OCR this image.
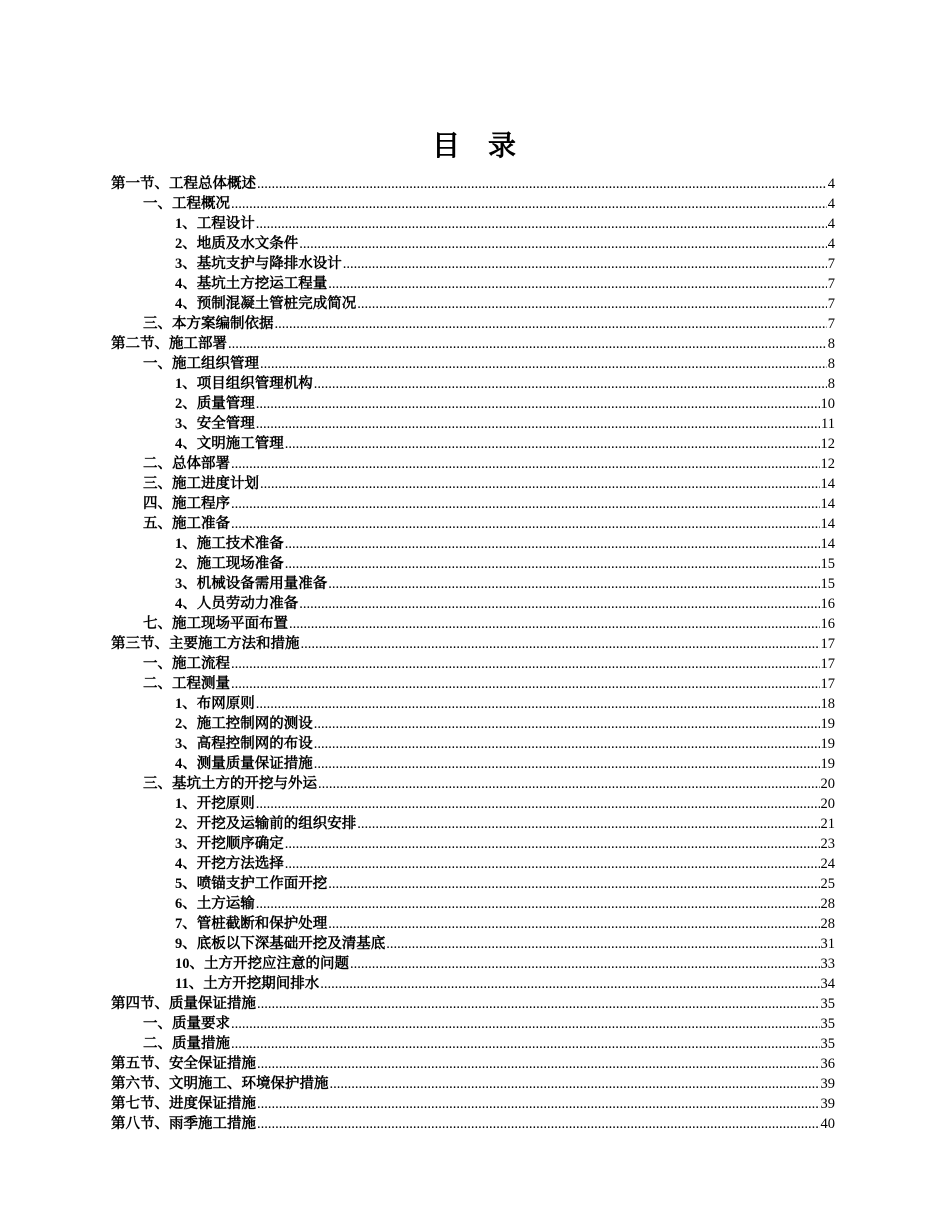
目 录
第一节、工程总体概述 .....	4
一、工程概况 .....	4
1、工程设计 .....	4
2、地质及水文条件 .....	4
3、基坑支护与降排水设计 .....	7
4、基坑土方挖运工程量 .....	7
4、预制混凝土管桩完成简况 .....	7
三、本方案编制依据 .....	7
第二节、施工部署 .....	8
一、施工组织管理 .....	8
1、项目组织管理机构 .....	8
2、质量管理 .....	10
3、安全管理 .....	11
4、文明施工管理 .....	12
二、总体部署 .....	12
三、施工进度计划 .....	14
四、施工程序 .....	14
五、施工准备 .....	14
1、施工技术准备 .....	14
2、施工现场准备 .....	15
3、机械设备需用量准备 .....	15
4、人员劳动力准备 .....	16
七、施工现场平面布置 .....	16
第三节、主要施工方法和措施 .....	17
一、施工流程 .....	17
二、工程测量 .....	17
1、布网原则 .....	18
2、施工控制网的测设 .....	19
3、高程控制网的布设 .....	19
4、测量质量保证措施 .....	19
三、基坑土方的开挖与外运 .....	20
1、开挖原则 .....	20
2、开挖及运输前的组织安排 .....	21
3、开挖顺序确定 .....	23
4、开挖方法选择 .....	24
5、喷锚支护工作面开挖 .....	25
6、土方运输 .....	28
7、管桩截断和保护处理 .....	28
9、底板以下深基础开挖及清基底 .....	31
10、土方开挖应注意的问题 .....	33
11、土方开挖期间排水 .....	34
第四节、质量保证措施 .....	35
一、质量要求 .....	35
二、质量措施 .....	35
第五节、安全保证措施 .....	36
第六节、文明施工、环境保护措施 .....	39
第七节、进度保证措施 .....	39
第八节、雨季施工措施 .....	40
